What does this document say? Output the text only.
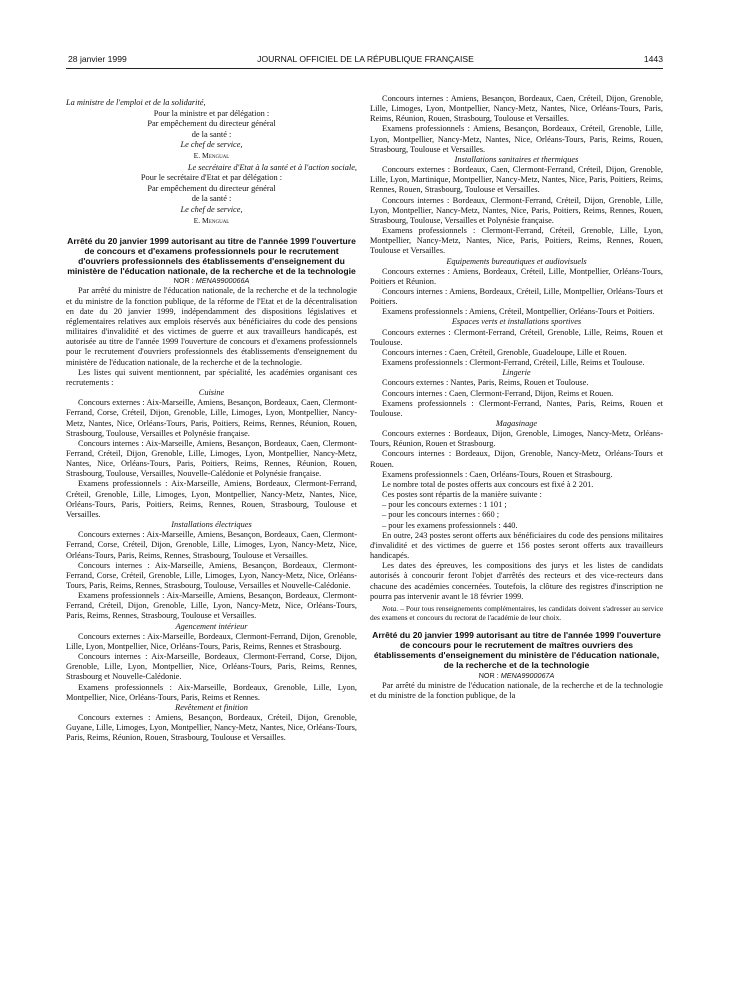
28 janvier 1999	JOURNAL OFFICIEL DE LA RÉPUBLIQUE FRANÇAISE	1443

La ministre de l'emploi et de la solidarité,

Pour la ministre et par délégation :

Par empêchement du directeur général

de la santé :

Le chef de service,

E. Mengual

Le secrétaire d'Etat à la santé et à l'action sociale,

Pour le secrétaire d'Etat et par délégation :

Par empêchement du directeur général

de la santé :

Le chef de service,

E. Mengual

Arrêté du 20 janvier 1999 autorisant au titre de l'année 1999 l'ouverture de concours et d'examens professionnels pour le recrutement d'ouvriers professionnels des établissements d'enseignement du ministère de l'éducation nationale, de la recherche et de la technologie

NOR : MENA9900066A

Par arrêté du ministre de l'éducation nationale, de la recherche et de la technologie et du ministre de la fonction publique, de la réforme de l'Etat et de la décentralisation en date du 20 janvier 1999, indépendamment des dispositions législatives et réglementaires relatives aux emplois réservés aux bénéficiaires du code des pensions militaires d'invalidité et des victimes de guerre et aux travailleurs handicapés, est autorisée au titre de l'année 1999 l'ouverture de concours et d'examens professionnels pour le recrutement d'ouvriers professionnels des établissements d'enseignement du ministère de l'éducation nationale, de la recherche et de la technologie.

Les listes qui suivent mentionnent, par spécialité, les académies organisant ces recrutements :

Cuisine

Concours externes : Aix-Marseille, Amiens, Besançon, Bordeaux, Caen, Clermont-Ferrand, Corse, Créteil, Dijon, Grenoble, Lille, Limoges, Lyon, Montpellier, Nancy-Metz, Nantes, Nice, Orléans-Tours, Paris, Poitiers, Reims, Rennes, Réunion, Rouen, Strasbourg, Toulouse, Versailles et Polynésie française.

Concours internes : Aix-Marseille, Amiens, Besançon, Bordeaux, Caen, Clermont-Ferrand, Créteil, Dijon, Grenoble, Lille, Limoges, Lyon, Montpellier, Nancy-Metz, Nantes, Nice, Orléans-Tours, Paris, Poitiers, Reims, Rennes, Réunion, Rouen, Strasbourg, Toulouse, Versailles, Nouvelle-Calédonie et Polynésie française.

Examens professionnels : Aix-Marseille, Amiens, Bordeaux, Clermont-Ferrand, Créteil, Grenoble, Lille, Limoges, Lyon, Montpellier, Nancy-Metz, Nantes, Nice, Orléans-Tours, Paris, Poitiers, Reims, Rennes, Rouen, Strasbourg, Toulouse et Versailles.

Installations électriques

Concours externes : Aix-Marseille, Amiens, Besançon, Bordeaux, Caen, Clermont-Ferrand, Corse, Créteil, Dijon, Grenoble, Lille, Limoges, Lyon, Nancy-Metz, Nice, Orléans-Tours, Paris, Reims, Rennes, Strasbourg, Toulouse et Versailles.

Concours internes : Aix-Marseille, Amiens, Besançon, Bordeaux, Clermont-Ferrand, Corse, Créteil, Grenoble, Lille, Limoges, Lyon, Nancy-Metz, Nice, Orléans-Tours, Paris, Reims, Rennes, Strasbourg, Toulouse, Versailles et Nouvelle-Calédonie.

Examens professionnels : Aix-Marseille, Amiens, Besançon, Bordeaux, Clermont-Ferrand, Créteil, Dijon, Grenoble, Lille, Lyon, Nancy-Metz, Nice, Orléans-Tours, Paris, Reims, Rennes, Strasbourg, Toulouse et Versailles.

Agencement intérieur

Concours externes : Aix-Marseille, Bordeaux, Clermont-Ferrand, Dijon, Grenoble, Lille, Lyon, Montpellier, Nice, Orléans-Tours, Paris, Reims, Rennes et Strasbourg.

Concours internes : Aix-Marseille, Bordeaux, Clermont-Ferrand, Corse, Dijon, Grenoble, Lille, Lyon, Montpellier, Nice, Orléans-Tours, Paris, Reims, Rennes, Strasbourg et Nouvelle-Calédonie.

Examens professionnels : Aix-Marseille, Bordeaux, Grenoble, Lille, Lyon, Montpellier, Nice, Orléans-Tours, Paris, Reims et Rennes.

Revêtement et finition

Concours externes : Amiens, Besançon, Bordeaux, Créteil, Dijon, Grenoble, Guyane, Lille, Limoges, Lyon, Montpellier, Nancy-Metz, Nantes, Nice, Orléans-Tours, Paris, Reims, Réunion, Rouen, Strasbourg, Toulouse et Versailles.

Concours internes : Amiens, Besançon, Bordeaux, Caen, Créteil, Dijon, Grenoble, Lille, Limoges, Lyon, Montpellier, Nancy-Metz, Nantes, Nice, Orléans-Tours, Paris, Reims, Réunion, Rouen, Strasbourg, Toulouse et Versailles.

Examens professionnels : Amiens, Besançon, Bordeaux, Créteil, Grenoble, Lille, Lyon, Montpellier, Nancy-Metz, Nantes, Nice, Orléans-Tours, Paris, Reims, Rouen, Strasbourg, Toulouse et Versailles.

Installations sanitaires et thermiques

Concours externes : Bordeaux, Caen, Clermont-Ferrand, Créteil, Dijon, Grenoble, Lille, Lyon, Martinique, Montpellier, Nancy-Metz, Nantes, Nice, Paris, Poitiers, Reims, Rennes, Rouen, Strasbourg, Toulouse et Versailles.

Concours internes : Bordeaux, Clermont-Ferrand, Créteil, Dijon, Grenoble, Lille, Lyon, Montpellier, Nancy-Metz, Nantes, Nice, Paris, Poitiers, Reims, Rennes, Rouen, Strasbourg, Toulouse, Versailles et Polynésie française.

Examens professionnels : Clermont-Ferrand, Créteil, Grenoble, Lille, Lyon, Montpellier, Nancy-Metz, Nantes, Nice, Paris, Poitiers, Reims, Rennes, Rouen, Toulouse et Versailles.

Equipements bureautiques et audiovisuels

Concours externes : Amiens, Bordeaux, Créteil, Lille, Montpellier, Orléans-Tours, Poitiers et Réunion.

Concours internes : Amiens, Bordeaux, Créteil, Lille, Montpellier, Orléans-Tours et Poitiers.

Examens professionnels : Amiens, Créteil, Montpellier, Orléans-Tours et Poitiers.

Espaces verts et installations sportives

Concours externes : Clermont-Ferrand, Créteil, Grenoble, Lille, Reims, Rouen et Toulouse.

Concours internes : Caen, Créteil, Grenoble, Guadeloupe, Lille et Rouen.

Examens professionnels : Clermont-Ferrand, Créteil, Lille, Reims et Toulouse.

Lingerie

Concours externes : Nantes, Paris, Reims, Rouen et Toulouse.

Concours internes : Caen, Clermont-Ferrand, Dijon, Reims et Rouen.

Examens professionnels : Clermont-Ferrand, Nantes, Paris, Reims, Rouen et Toulouse.

Magasinage

Concours externes : Bordeaux, Dijon, Grenoble, Limoges, Nancy-Metz, Orléans-Tours, Réunion, Rouen et Strasbourg.

Concours internes : Bordeaux, Dijon, Grenoble, Nancy-Metz, Orléans-Tours et Rouen.

Examens professionnels : Caen, Orléans-Tours, Rouen et Strasbourg.

Le nombre total de postes offerts aux concours est fixé à 2 201.

Ces postes sont répartis de la manière suivante :

– pour les concours externes : 1 101 ;
– pour les concours internes : 660 ;
– pour les examens professionnels : 440.

En outre, 243 postes seront offerts aux bénéficiaires du code des pensions militaires d'invalidité et des victimes de guerre et 156 postes seront offerts aux travailleurs handicapés.

Les dates des épreuves, les compositions des jurys et les listes de candidats autorisés à concourir feront l'objet d'arrêtés des recteurs et des vice-recteurs dans chacune des académies concernées. Toutefois, la clôture des registres d'inscription ne pourra pas intervenir avant le 18 février 1999.

Nota. – Pour tous renseignements complémentaires, les candidats doivent s'adresser au service des examens et concours du rectorat de l'académie de leur choix.

Arrêté du 20 janvier 1999 autorisant au titre de l'année 1999 l'ouverture de concours pour le recrutement de maîtres ouvriers des établissements d'enseignement du ministère de l'éducation nationale, de la recherche et de la technologie

NOR : MENA9900067A

Par arrêté du ministre de l'éducation nationale, de la recherche et de la technologie et du ministre de la fonction publique, de la
